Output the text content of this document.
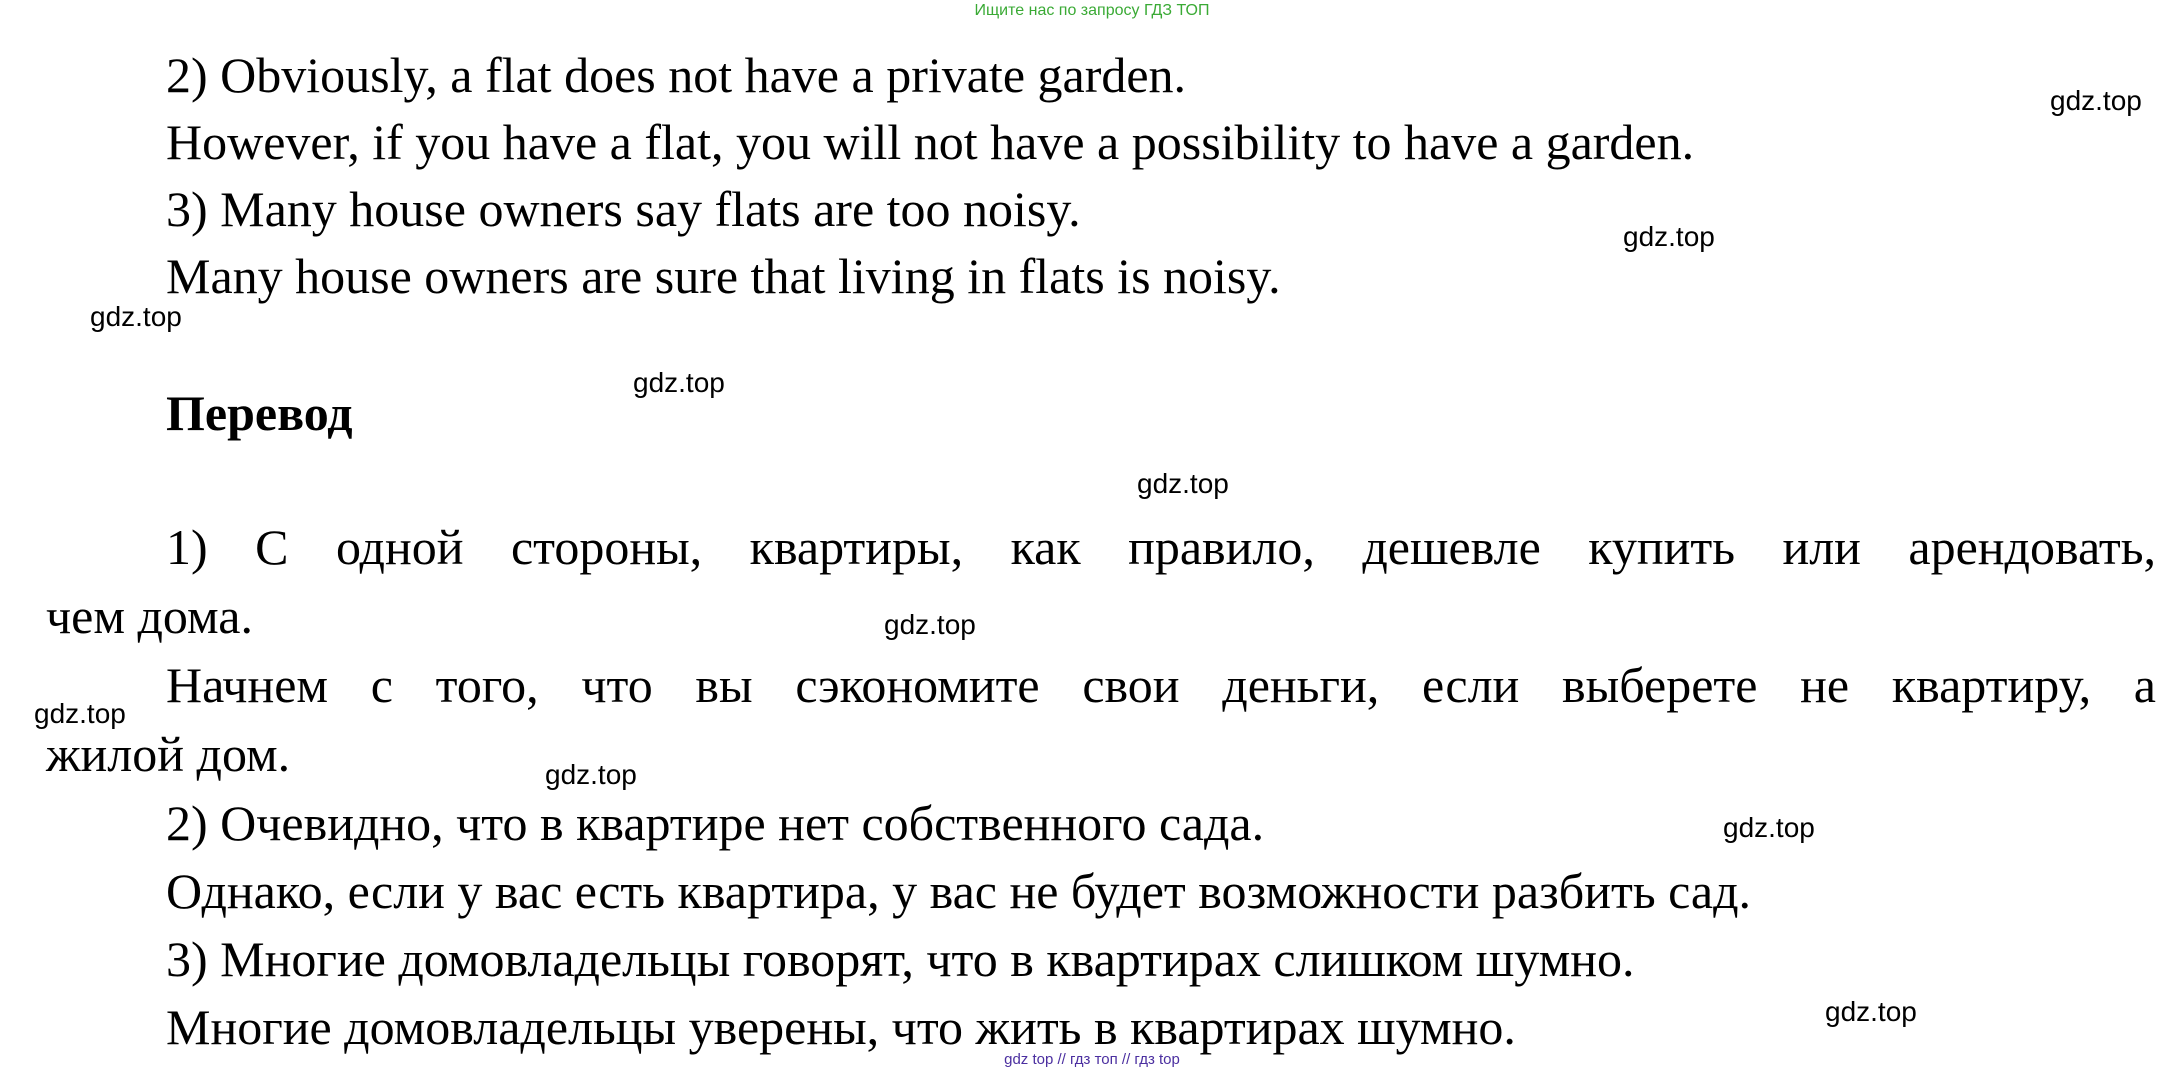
Ищите нас по запросу ГДЗ ТОП
2) Obviously, a flat does not have a private garden.
However, if you have a flat, you will not have a possibility to have a garden.
3) Many house owners say flats are too noisy.
Many house owners are sure that living in flats is noisy.
Перевод
1) С одной стороны, квартиры, как правило, дешевле купить или арендовать,
чем дома.
Начнем с того, что вы сэкономите свои деньги, если выберете не квартиру, а
жилой дом.
2) Очевидно, что в квартире нет собственного сада.
Однако, если у вас есть квартира, у вас не будет возможности разбить сад.
3) Многие домовладельцы говорят, что в квартирах слишком шумно.
Многие домовладельцы уверены, что жить в квартирах шумно.
gdz.top
gdz.top
gdz.top
gdz.top
gdz.top
gdz.top
gdz.top
gdz.top
gdz.top
gdz.top
gdz top // гдз топ // гдз top
